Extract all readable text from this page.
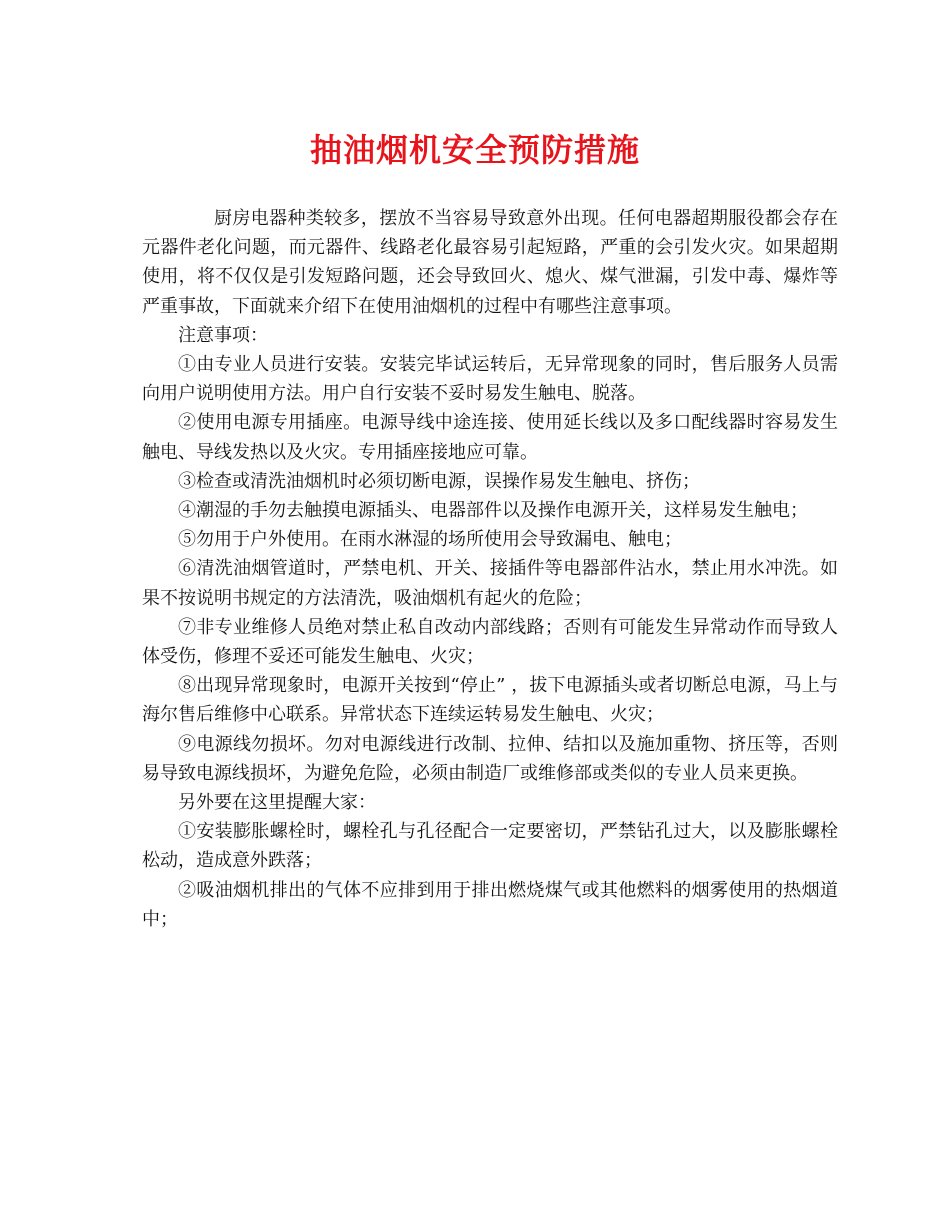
抽油烟机安全预防措施

厨房电器种类较多，摆放不当容易导致意外出现。任何电器超期服役都会存在元器件老化问题，而元器件、线路老化最容易引起短路，严重的会引发火灾。如果超期使用，将不仅仅是引发短路问题，还会导致回火、熄火、煤气泄漏，引发中毒、爆炸等严重事故，下面就来介绍下在使用油烟机的过程中有哪些注意事项。

注意事项：

①由专业人员进行安装。安装完毕试运转后，无异常现象的同时，售后服务人员需向用户说明使用方法。用户自行安装不妥时易发生触电、脱落。

②使用电源专用插座。电源导线中途连接、使用延长线以及多口配线器时容易发生触电、导线发热以及火灾。专用插座接地应可靠。

③检查或清洗油烟机时必须切断电源，误操作易发生触电、挤伤；

④潮湿的手勿去触摸电源插头、电器部件以及操作电源开关，这样易发生触电；

⑤勿用于户外使用。在雨水淋湿的场所使用会导致漏电、触电；

⑥清洗油烟管道时，严禁电机、开关、接插件等电器部件沾水，禁止用水冲洗。如果不按说明书规定的方法清洗，吸油烟机有起火的危险；

⑦非专业维修人员绝对禁止私自改动内部线路；否则有可能发生异常动作而导致人体受伤，修理不妥还可能发生触电、火灾；

⑧出现异常现象时，电源开关按到“停止” ，拔下电源插头或者切断总电源，马上与海尔售后维修中心联系。异常状态下连续运转易发生触电、火灾；

⑨电源线勿损坏。勿对电源线进行改制、拉伸、结扣以及施加重物、挤压等，否则易导致电源线损坏，为避免危险，必须由制造厂或维修部或类似的专业人员来更换。

另外要在这里提醒大家：

①安装膨胀螺栓时，螺栓孔与孔径配合一定要密切，严禁钻孔过大，以及膨胀螺栓松动，造成意外跌落；

②吸油烟机排出的气体不应排到用于排出燃烧煤气或其他燃料的烟雾使用的热烟道中；
